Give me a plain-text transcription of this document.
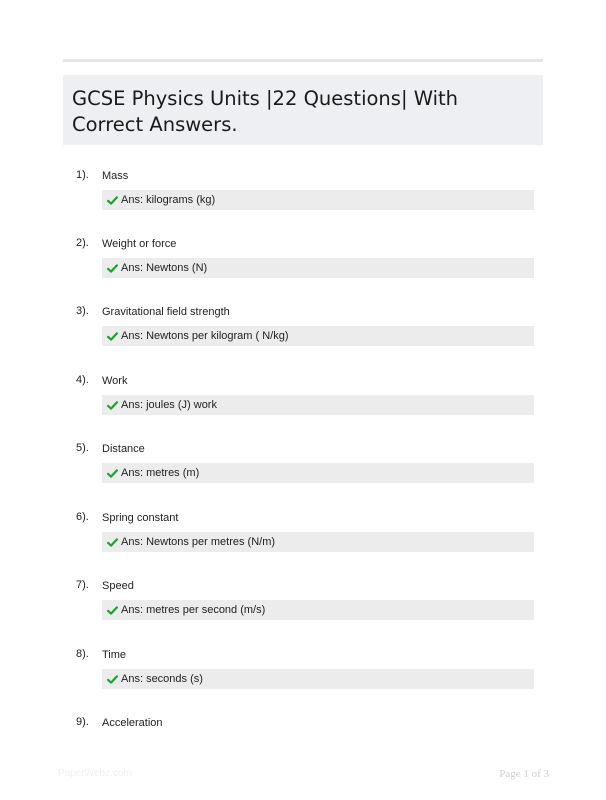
GCSE Physics Units |22 Questions| With Correct Answers.
1). Mass
Ans: kilograms (kg)
2). Weight or force
Ans: Newtons (N)
3). Gravitational field strength
Ans: Newtons per kilogram ( N/kg)
4). Work
Ans: joules (J) work
5). Distance
Ans: metres (m)
6). Spring constant
Ans: Newtons per metres (N/m)
7). Speed
Ans: metres per second (m/s)
8). Time
Ans: seconds (s)
9). Acceleration
PaperWebz.com	Page 1 of 3
